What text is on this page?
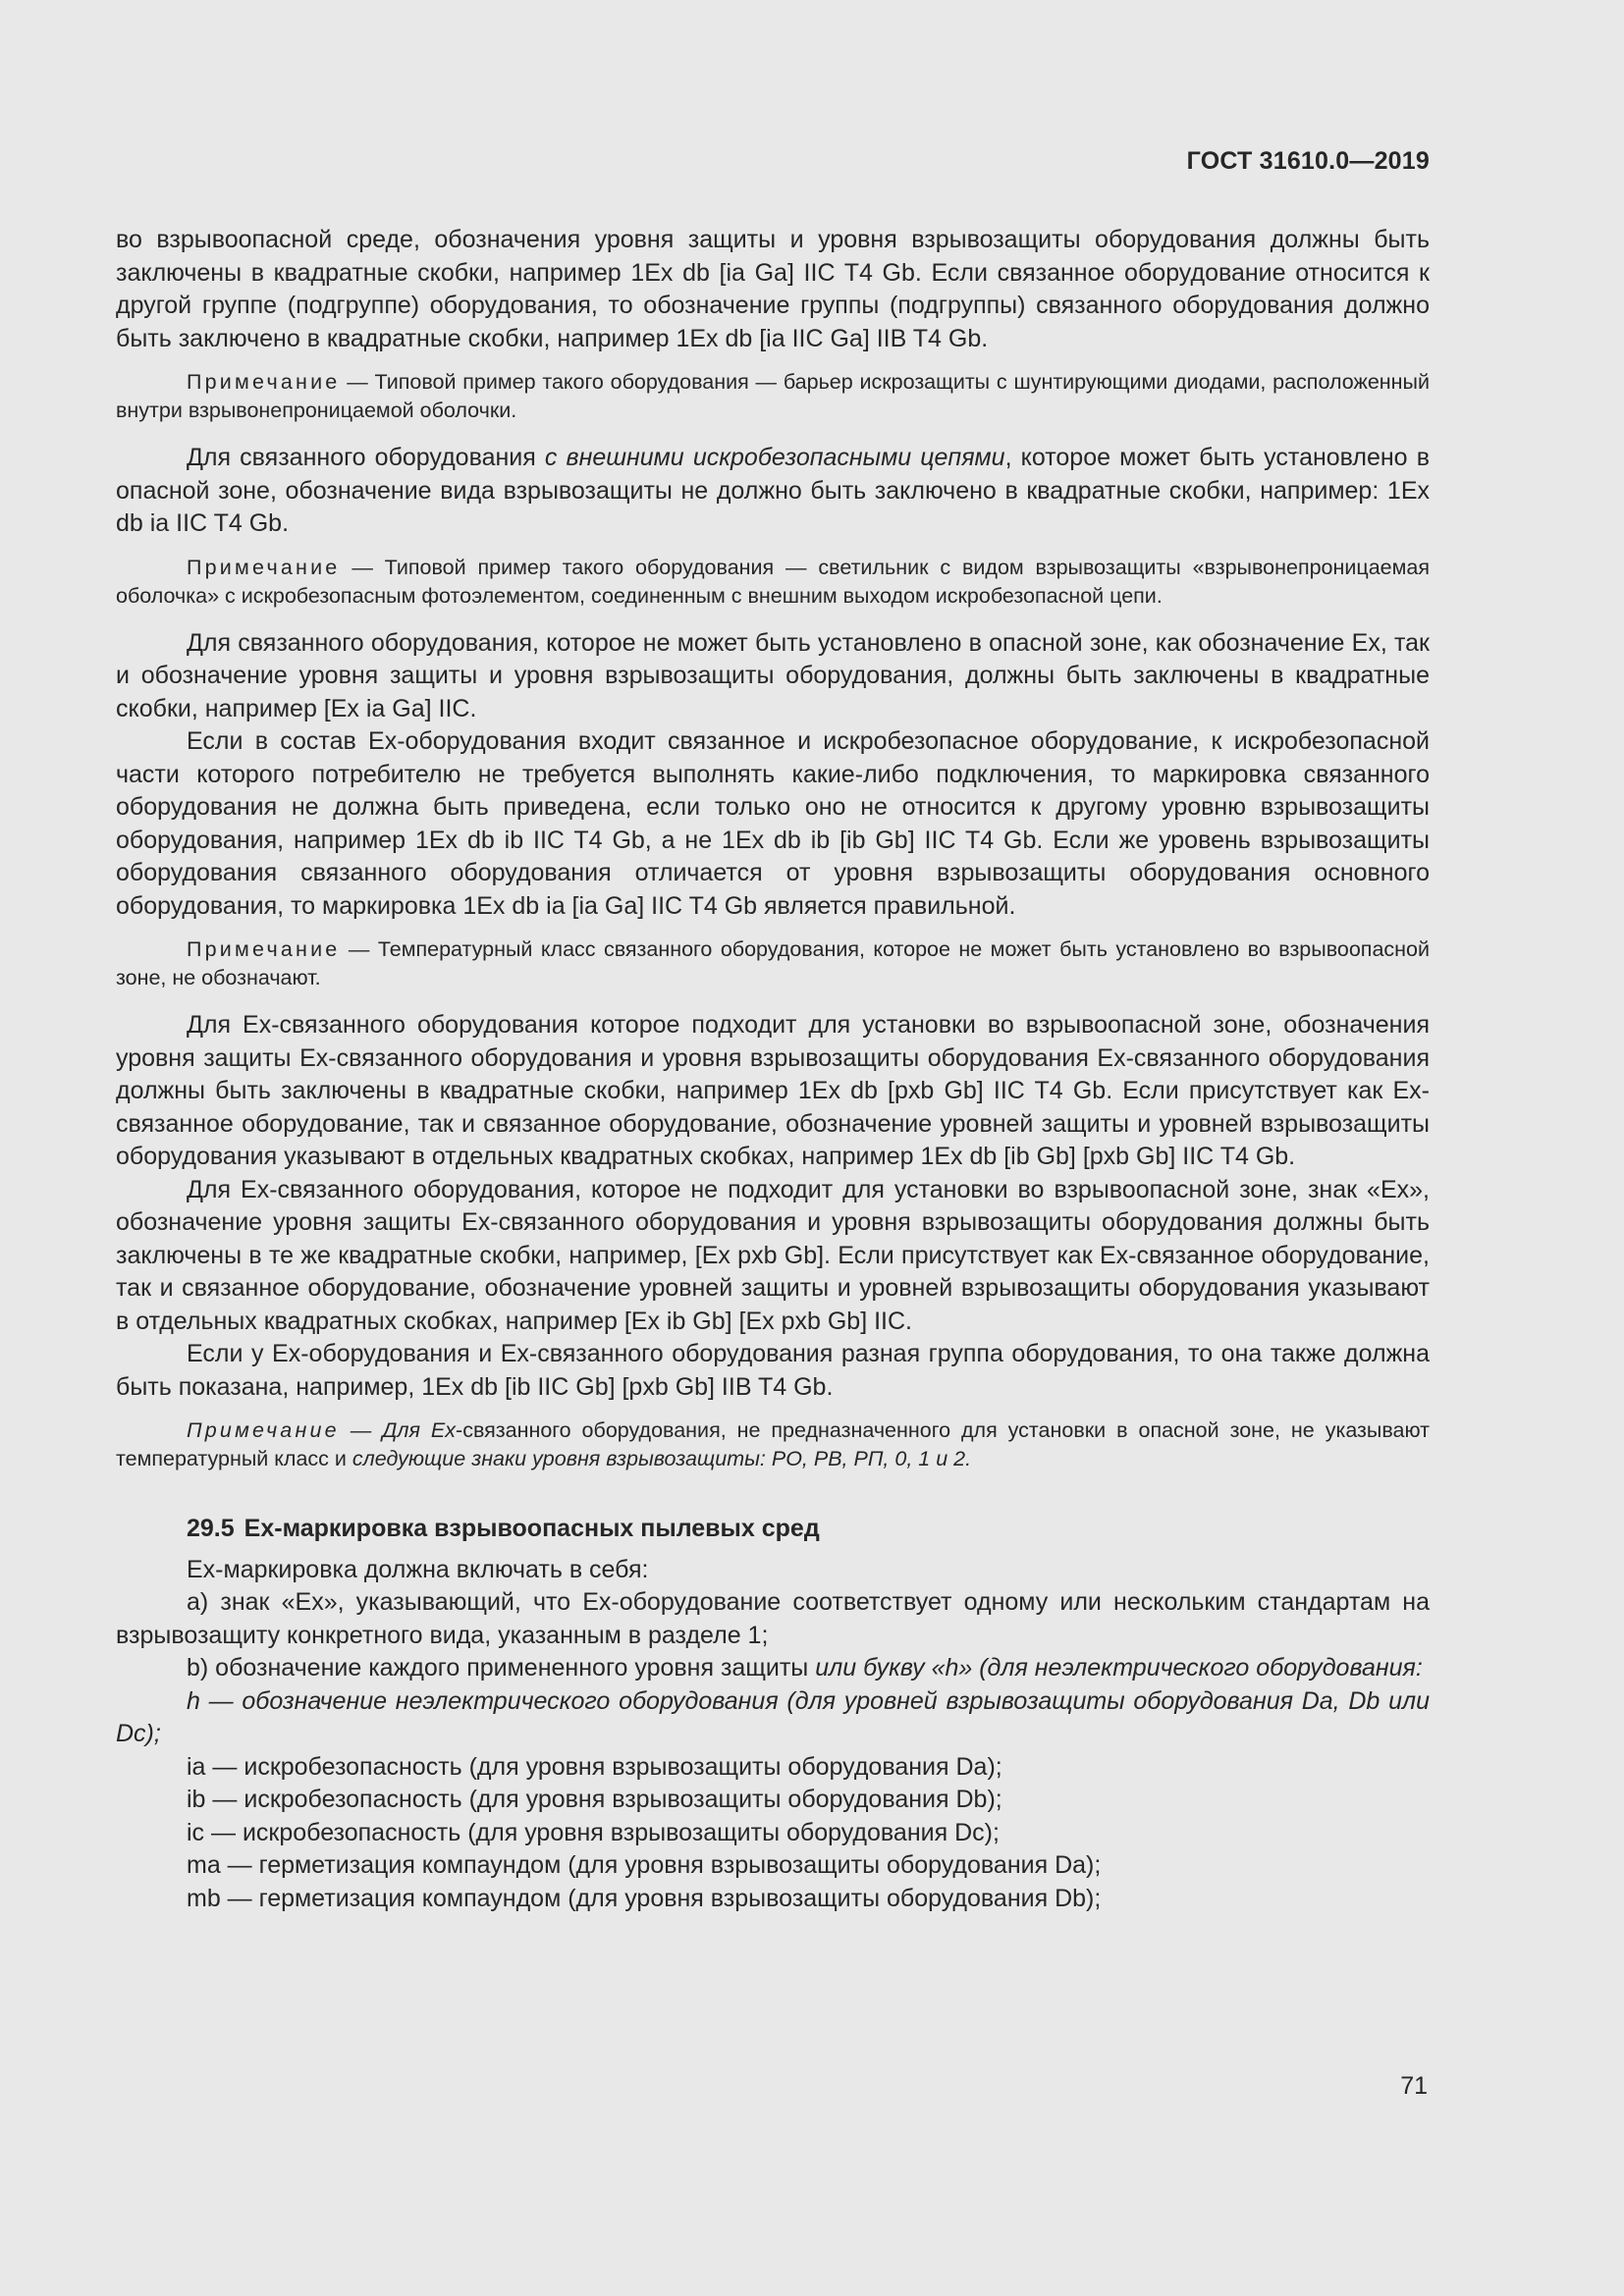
ГОСТ 31610.0—2019

во взрывоопасной среде, обозначения уровня защиты и уровня взрывозащиты оборудования должны быть заключены в квадратные скобки, например 1Ex db [ia Ga] IIC T4 Gb. Если связанное оборудование относится к другой группе (подгруппе) оборудования, то обозначение группы (подгруппы) связанного оборудования должно быть заключено в квадратные скобки, например 1Ex db [ia IIC Ga] IIB T4 Gb.

Примечание — Типовой пример такого оборудования — барьер искрозащиты с шунтирующими диодами, расположенный внутри взрывонепроницаемой оболочки.

Для связанного оборудования с внешними искробезопасными цепями, которое может быть установлено в опасной зоне, обозначение вида взрывозащиты не должно быть заключено в квадратные скобки, например: 1Ex db ia IIC T4 Gb.

Примечание — Типовой пример такого оборудования — светильник с видом взрывозащиты «взрывонепроницаемая оболочка» с искробезопасным фотоэлементом, соединенным с внешним выходом искробезопасной цепи.

Для связанного оборудования, которое не может быть установлено в опасной зоне, как обозначение Ex, так и обозначение уровня защиты и уровня взрывозащиты оборудования, должны быть заключены в квадратные скобки, например [Ex ia Ga] IIC.

Если в состав Ex-оборудования входит связанное и искробезопасное оборудование, к искробезопасной части которого потребителю не требуется выполнять какие-либо подключения, то маркировка связанного оборудования не должна быть приведена, если только оно не относится к другому уровню взрывозащиты оборудования, например 1Ex db ib IIC T4 Gb, а не 1Ex db ib [ib Gb] IIC T4 Gb. Если же уровень взрывозащиты оборудования связанного оборудования отличается от уровня взрывозащиты оборудования основного оборудования, то маркировка 1Ex db ia [ia Ga] IIC T4 Gb является правильной.

Примечание — Температурный класс связанного оборудования, которое не может быть установлено во взрывоопасной зоне, не обозначают.

Для Ex-связанного оборудования которое подходит для установки во взрывоопасной зоне, обозначения уровня защиты Ex-связанного оборудования и уровня взрывозащиты оборудования Ex-связанного оборудования должны быть заключены в квадратные скобки, например 1Ex db [pxb Gb] IIC T4 Gb. Если присутствует как Ex-связанное оборудование, так и связанное оборудование, обозначение уровней защиты и уровней взрывозащиты оборудования указывают в отдельных квадратных скобках, например 1Ex db [ib Gb] [pxb Gb] IIC T4 Gb.

Для Ex-связанного оборудования, которое не подходит для установки во взрывоопасной зоне, знак «Ex», обозначение уровня защиты Ex-связанного оборудования и уровня взрывозащиты оборудования должны быть заключены в те же квадратные скобки, например, [Ex pxb Gb]. Если присутствует как Ex-связанное оборудование, так и связанное оборудование, обозначение уровней защиты и уровней взрывозащиты оборудования указывают в отдельных квадратных скобках, например [Ex ib Gb] [Ex pxb Gb] IIC.

Если у Ex-оборудования и Ex-связанного оборудования разная группа оборудования, то она также должна быть показана, например, 1Ex db [ib IIC Gb] [pxb Gb] IIB T4 Gb.

Примечание — Для Ex-связанного оборудования, не предназначенного для установки в опасной зоне, не указывают температурный класс и следующие знаки уровня взрывозащиты: PO, PB, PП, 0, 1 и 2.

29.5 Ex-маркировка взрывоопасных пылевых сред

Ex-маркировка должна включать в себя:

а) знак «Ex», указывающий, что Ex-оборудование соответствует одному или нескольким стандартам на взрывозащиту конкретного вида, указанным в разделе 1;

b) обозначение каждого примененного уровня защиты или букву «h» (для неэлектрического оборудования:

h — обозначение неэлектрического оборудования (для уровней взрывозащиты оборудования Da, Db или Dc);

ia — искробезопасность (для уровня взрывозащиты оборудования Da);

ib — искробезопасность (для уровня взрывозащиты оборудования Db);

ic — искробезопасность (для уровня взрывозащиты оборудования Dc);

ma — герметизация компаундом (для уровня взрывозащиты оборудования Da);

mb — герметизация компаундом (для уровня взрывозащиты оборудования Db);

71
